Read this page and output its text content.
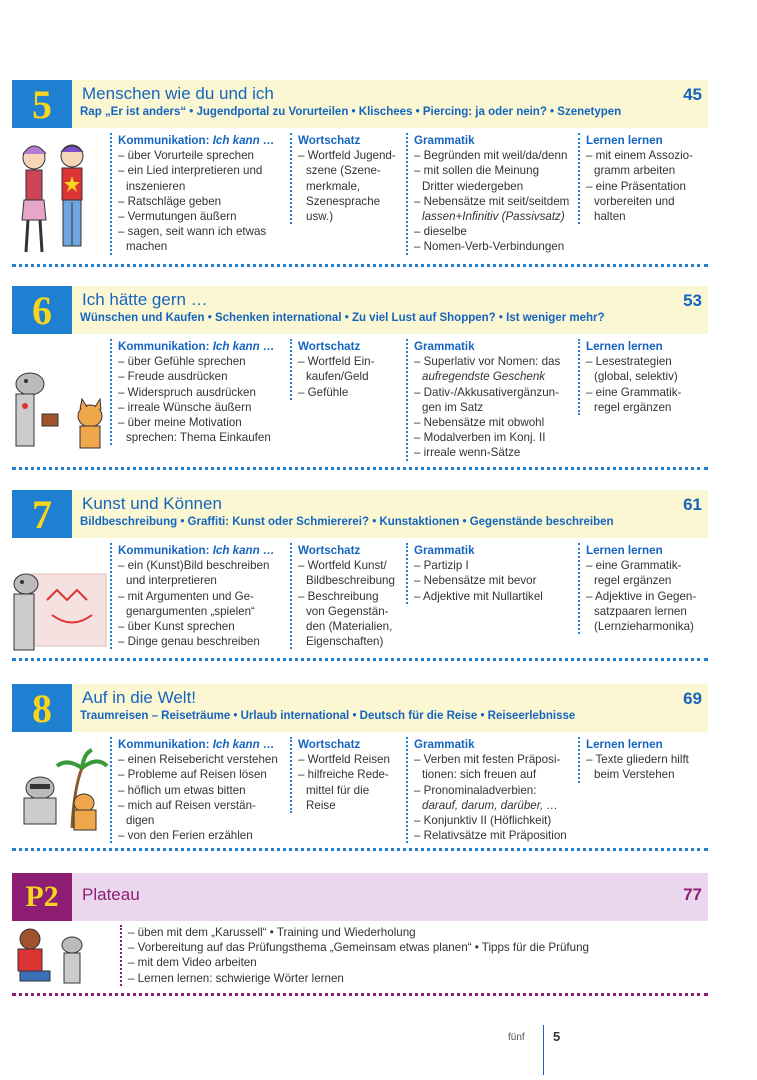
5	Menschen wie du und ich
Rap „Er ist anders“ • Jugendportal zu Vorurteilen • Klischees • Piercing: ja oder nein? • Szenetypen
45
Kommunikation: Ich kann …
– über Vorurteile sprechen
– ein Lied interpretieren und
inszenieren
– Ratschläge geben
– Vermutungen äußern
– sagen, seit wann ich etwas
machen
Wortschatz
– Wortfeld Jugend-
szene (Szene-
merkmale,
Szenesprache
usw.)
Grammatik
– Begründen mit weil/da/denn
– mit sollen die Meinung
Dritter wiedergeben
– Nebensätze mit seit/seitdem
lassen+Infinitiv (Passivsatz)
– dieselbe
– Nomen-Verb-Verbindungen
Lernen lernen
– mit einem Assozio-
gramm arbeiten
– eine Präsentation
vorbereiten und
halten
6	Ich hätte gern …
Wünschen und Kaufen • Schenken international • Zu viel Lust auf Shoppen? • Ist weniger mehr?
53
Kommunikation: Ich kann …
– über Gefühle sprechen
– Freude ausdrücken
– Widerspruch ausdrücken
– irreale Wünsche äußern
– über meine Motivation
sprechen: Thema Einkaufen
Wortschatz
– Wortfeld Ein-
kaufen/Geld
– Gefühle
Grammatik
– Superlativ vor Nomen: das
aufregendste Geschenk
– Dativ-/Akkusativergänzun-
gen im Satz
– Nebensätze mit obwohl
– Modalverben im Konj. II
– irreale wenn-Sätze
Lernen lernen
– Lesestrategien
(global, selektiv)
– eine Grammatik-
regel ergänzen
7	Kunst und Können
Bildbeschreibung • Graffiti: Kunst oder Schmiererei? • Kunstaktionen • Gegenstände beschreiben
61
Kommunikation: Ich kann …
– ein (Kunst)Bild beschreiben
und interpretieren
– mit Argumenten und Ge-
genargumenten „spielen“
– über Kunst sprechen
– Dinge genau beschreiben
Wortschatz
– Wortfeld Kunst/
Bildbeschreibung
– Beschreibung
von Gegenstän-
den (Materialien,
Eigenschaften)
Grammatik
– Partizip I
– Nebensätze mit bevor
– Adjektive mit Nullartikel
Lernen lernen
– eine Grammatik-
regel ergänzen
– Adjektive in Gegen-
satzpaaren lernen
(Lernzieharmonika)
8	Auf in die Welt!
Traumreisen – Reiseträume • Urlaub international • Deutsch für die Reise • Reiseerlebnisse
69
Kommunikation: Ich kann …
– einen Reisebericht verstehen
– Probleme auf Reisen lösen
– höflich um etwas bitten
– mich auf Reisen verstän-
digen
– von den Ferien erzählen
Wortschatz
– Wortfeld Reisen
– hilfreiche Rede-
mittel für die
Reise
Grammatik
– Verben mit festen Präposi-
tionen: sich freuen auf
– Pronominaladverbien:
darauf, darum, darüber, …
– Konjunktiv II (Höflichkeit)
– Relativsätze mit Präposition
Lernen lernen
– Texte gliedern hilft
beim Verstehen
P2	Plateau	77
– üben mit dem „Karussell“ • Training und Wiederholung
– Vorbereitung auf das Prüfungsthema „Gemeinsam etwas planen“ • Tipps für die Prüfung
– mit dem Video arbeiten
– Lernen lernen: schwierige Wörter lernen
fünf 5
